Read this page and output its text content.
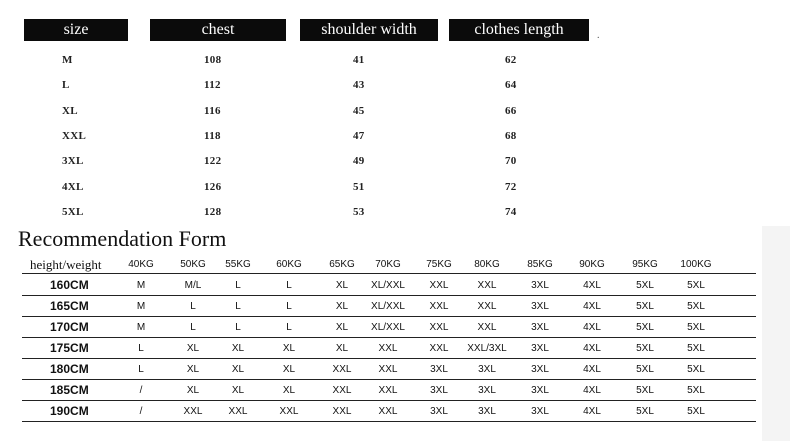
size	chest	shoulder width	clothes length	.
M	108	41	62
L	112	43	64
XL	116	45	66
XXL	118	47	68
3XL	122	49	70
4XL	126	51	72
5XL	128	53	74
Recommendation Form
height/weight	40KG	50KG	55KG	60KG	65KG	70KG	75KG	80KG	85KG	90KG	95KG	100KG
160CM	M	M/L	L	L	XL	XL/XXL	XXL	XXL	3XL	4XL	5XL	5XL
165CM	M	L	L	L	XL	XL/XXL	XXL	XXL	3XL	4XL	5XL	5XL
170CM	M	L	L	L	XL	XL/XXL	XXL	XXL	3XL	4XL	5XL	5XL
175CM	L	XL	XL	XL	XL	XXL	XXL	XXL/3XL	3XL	4XL	5XL	5XL
180CM	L	XL	XL	XL	XXL	XXL	3XL	3XL	3XL	4XL	5XL	5XL
185CM	/	XL	XL	XL	XXL	XXL	3XL	3XL	3XL	4XL	5XL	5XL
190CM	/	XXL	XXL	XXL	XXL	XXL	3XL	3XL	3XL	4XL	5XL	5XL
